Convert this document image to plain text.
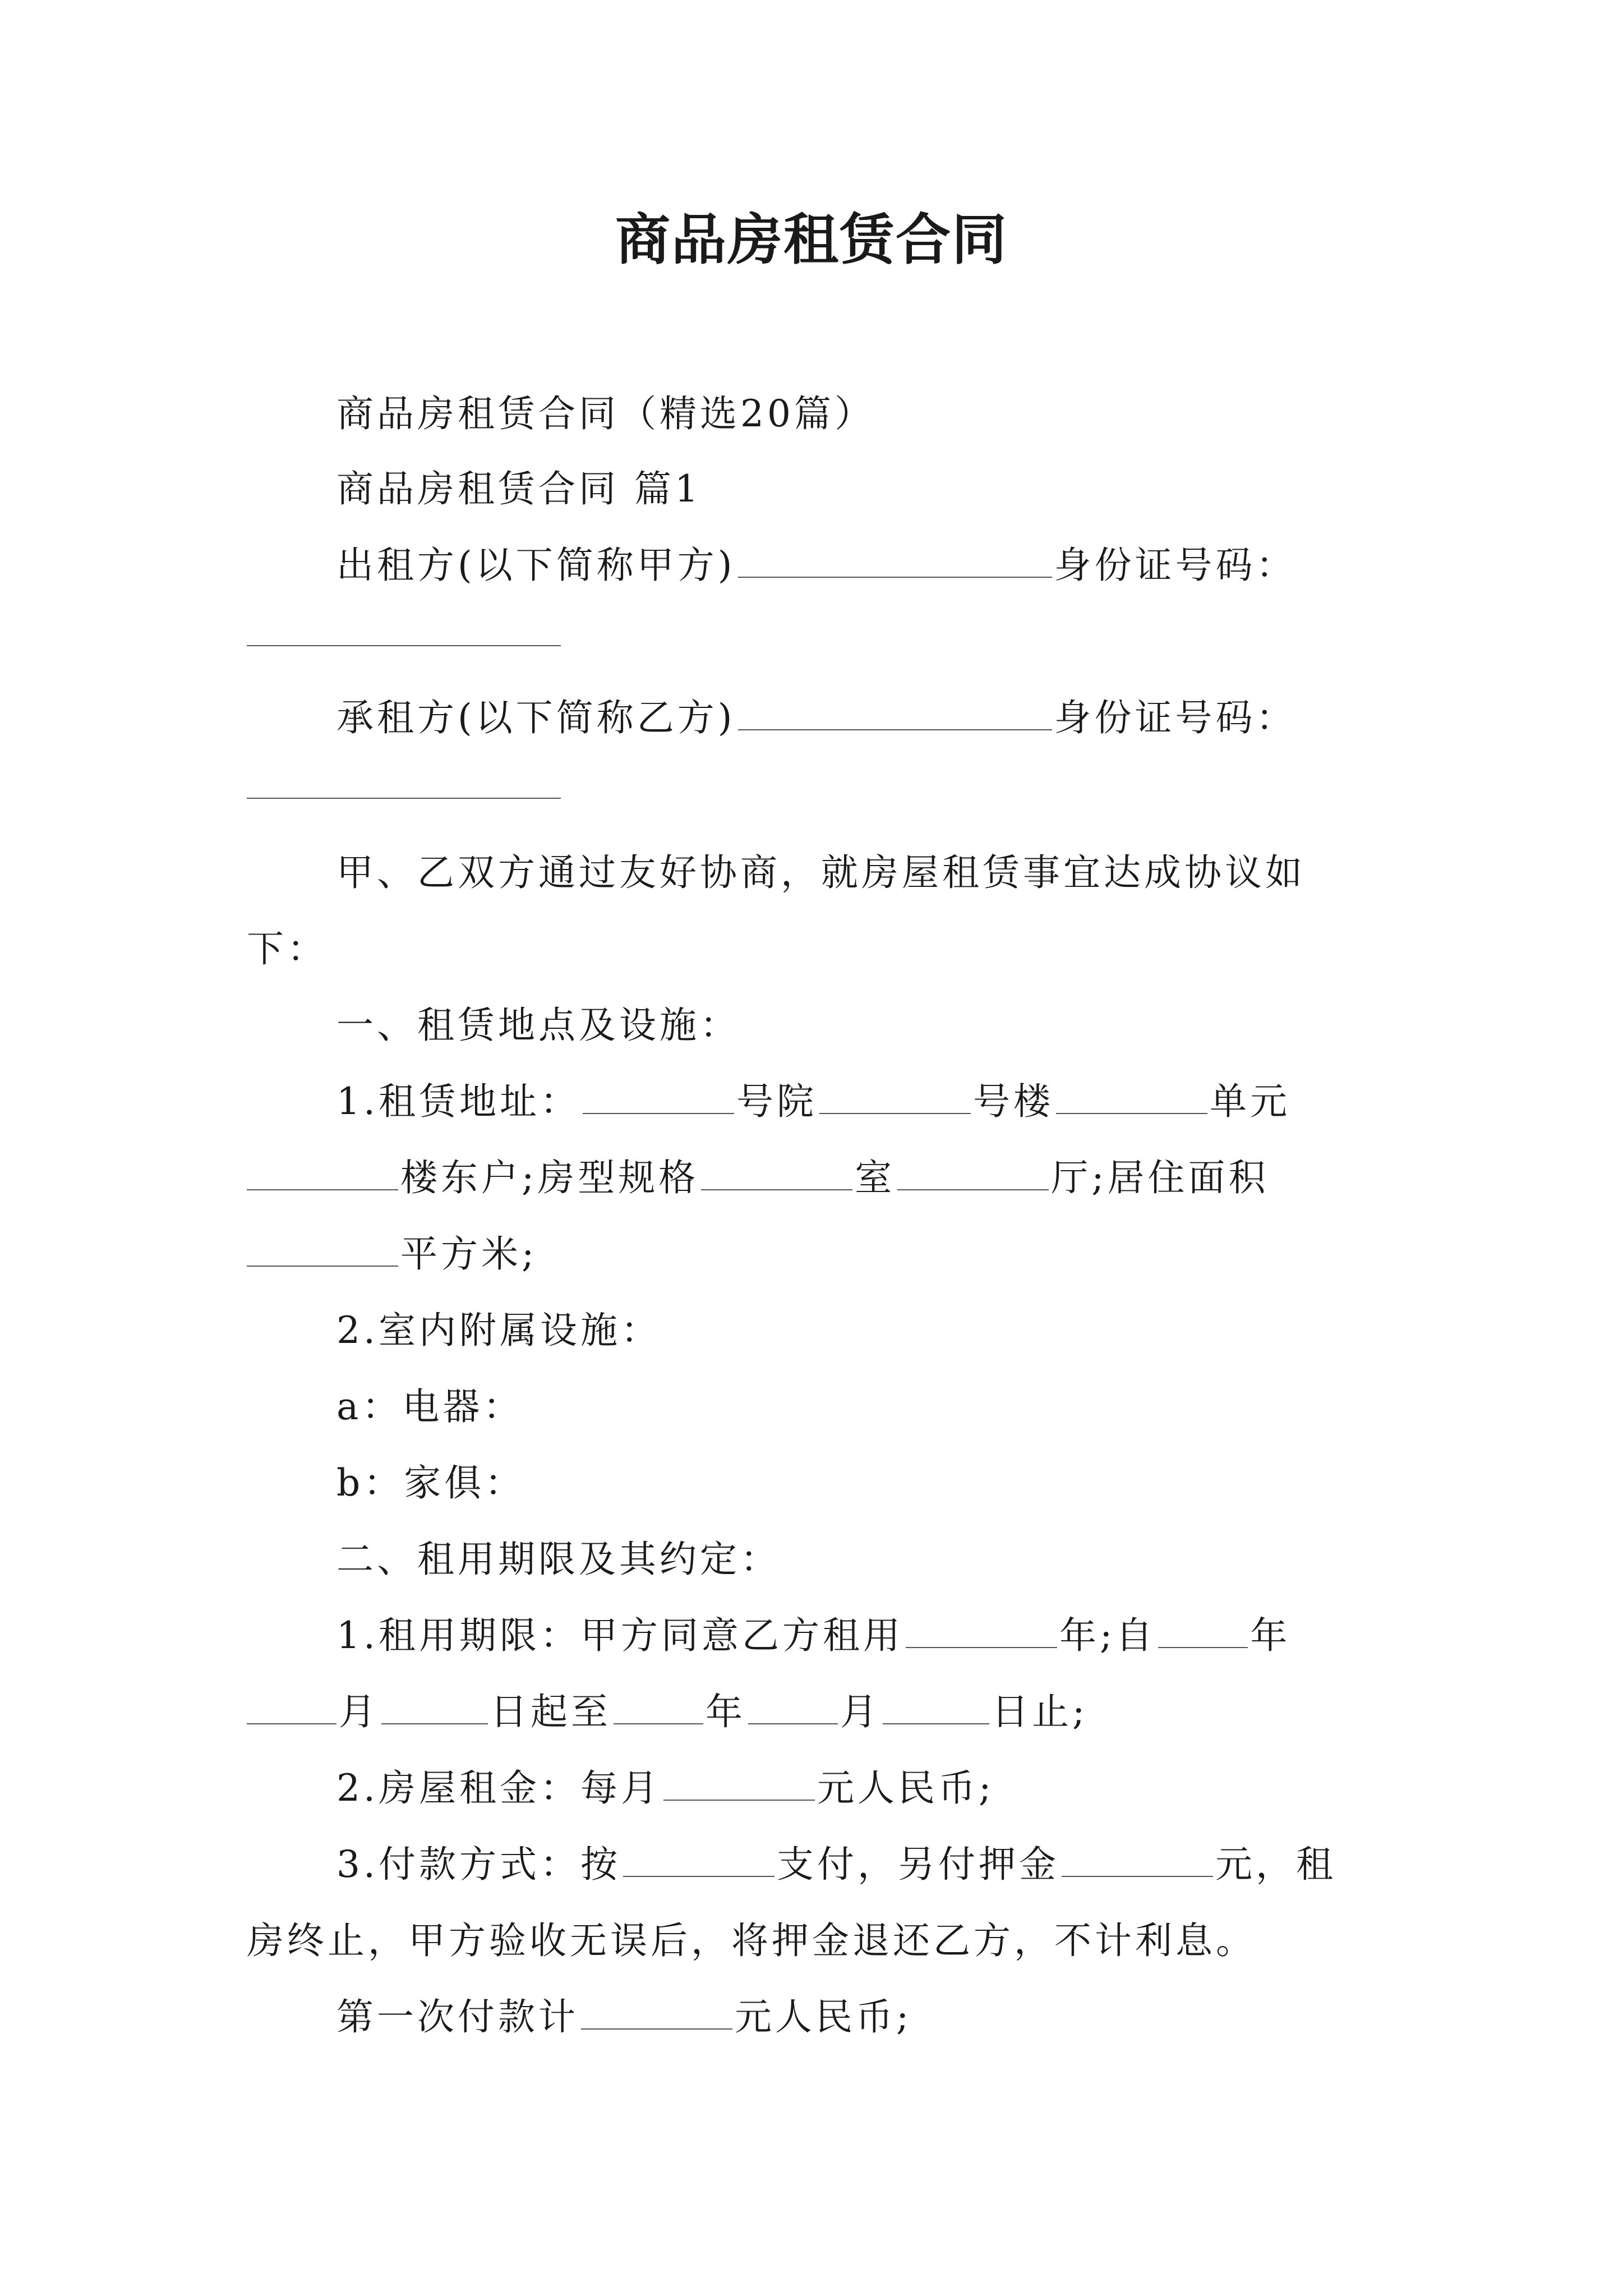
商品房租赁合同
商品房租赁合同（精选20篇）
商品房租赁合同 篇1
出租方(以下简称甲方)	身份证号码：
承租方(以下简称乙方)	身份证号码：
甲、乙双方通过友好协商，就房屋租赁事宜达成协议如
下：
一、租赁地点及设施：
1.租赁地址：	号院	号楼	单元
楼东户;房型规格	室	厅;居住面积
平方米;
2.室内附属设施：
a：电器：
b：家俱：
二、租用期限及其约定：
1.租用期限：甲方同意乙方租用	年;自	年
月	日起至	年	月	日止;
2.房屋租金：每月	元人民币;
3.付款方式：按	支付，另付押金	元，租
房终止，甲方验收无误后，将押金退还乙方，不计利息。
第一次付款计	元人民币;
